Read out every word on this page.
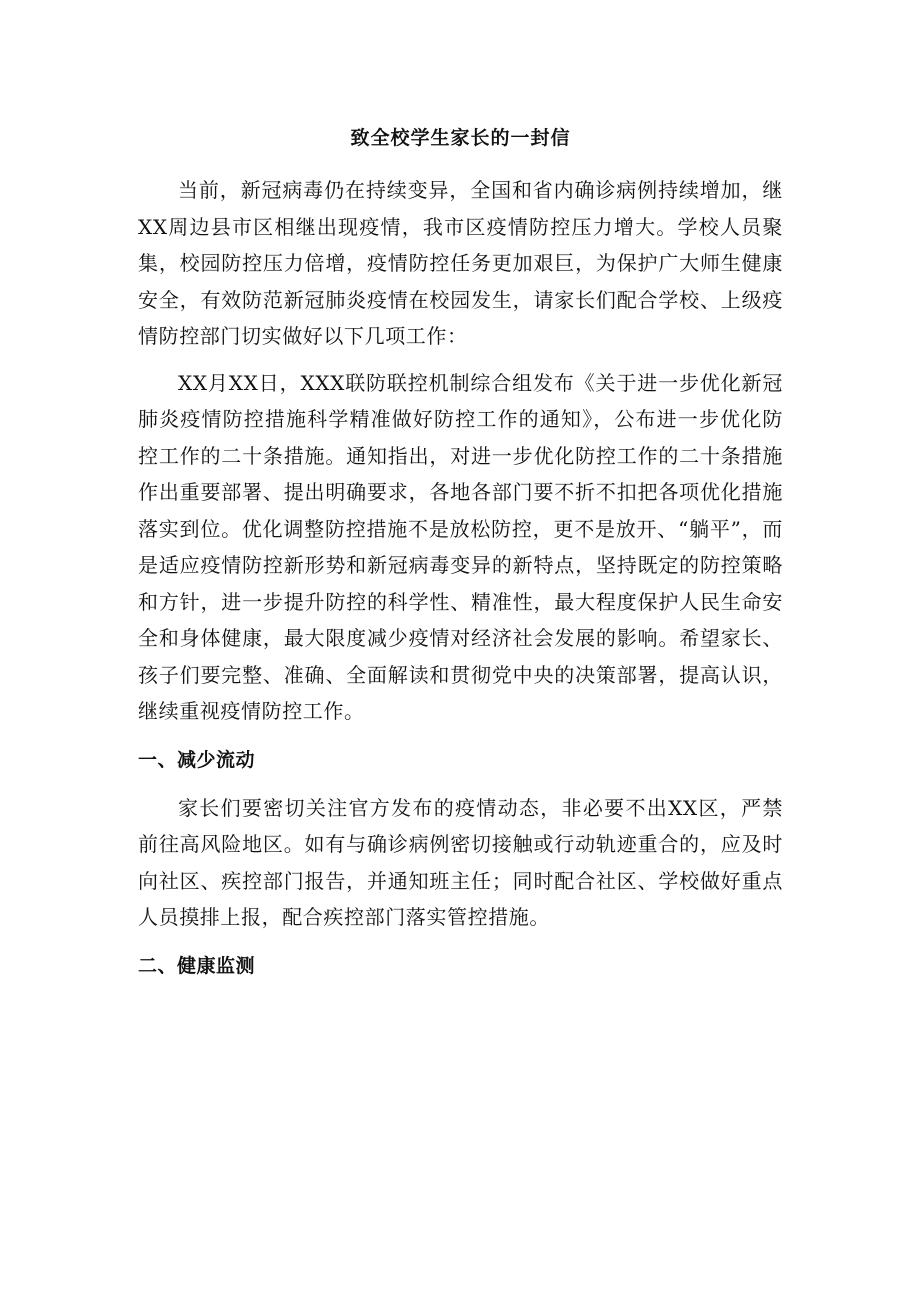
致全校学生家长的一封信

当前，新冠病毒仍在持续变异，全国和省内确诊病例持续增加，继XX周边县市区相继出现疫情，我市区疫情防控压力增大。学校人员聚集，校园防控压力倍增，疫情防控任务更加艰巨，为保护广大师生健康安全，有效防范新冠肺炎疫情在校园发生，请家长们配合学校、上级疫情防控部门切实做好以下几项工作：

XX月XX日，XXX联防联控机制综合组发布《关于进一步优化新冠肺炎疫情防控措施科学精准做好防控工作的通知》，公布进一步优化防控工作的二十条措施。通知指出，对进一步优化防控工作的二十条措施作出重要部署、提出明确要求，各地各部门要不折不扣把各项优化措施落实到位。优化调整防控措施不是放松防控，更不是放开、“躺平”，而是适应疫情防控新形势和新冠病毒变异的新特点，坚持既定的防控策略和方针，进一步提升防控的科学性、精准性，最大程度保护人民生命安全和身体健康，最大限度减少疫情对经济社会发展的影响。希望家长、孩子们要完整、准确、全面解读和贯彻党中央的决策部署，提高认识，继续重视疫情防控工作。

一、减少流动

家长们要密切关注官方发布的疫情动态，非必要不出XX区，严禁前往高风险地区。如有与确诊病例密切接触或行动轨迹重合的，应及时向社区、疾控部门报告，并通知班主任；同时配合社区、学校做好重点人员摸排上报，配合疾控部门落实管控措施。

二、健康监测
